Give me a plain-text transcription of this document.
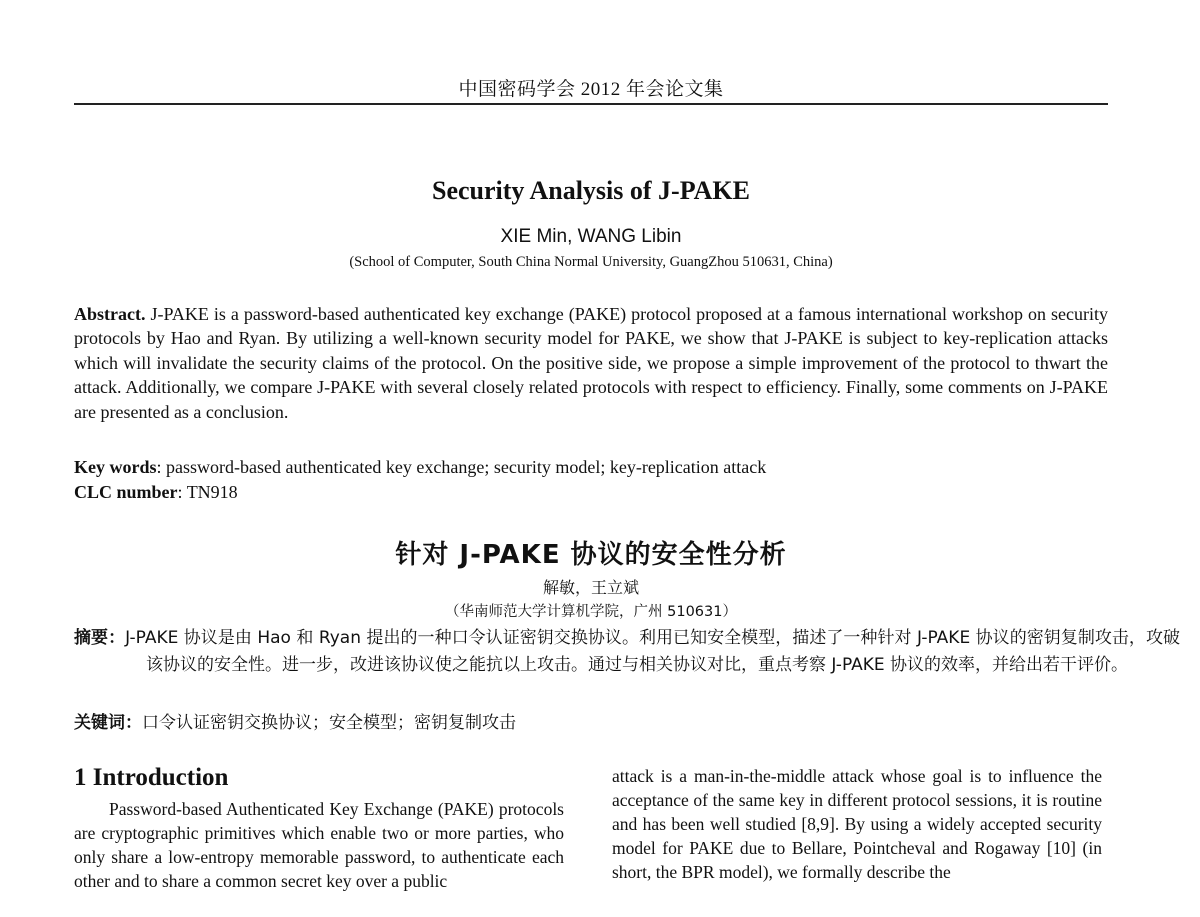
中国密码学会 2012 年会论文集
Security Analysis of J-PAKE
XIE Min, WANG Libin
(School of Computer, South China Normal University, GuangZhou 510631, China)

Abstract. J-PAKE is a password-based authenticated key exchange (PAKE) protocol proposed at a famous international workshop on security protocols by Hao and Ryan. By utilizing a well-known security model for PAKE, we show that J-PAKE is subject to key-replication attacks which will invalidate the security claims of the protocol. On the positive side, we propose a simple improvement of the protocol to thwart the attack. Additionally, we compare J-PAKE with several closely related protocols with respect to efficiency. Finally, some comments on J-PAKE are presented as a conclusion.

Key words: password-based authenticated key exchange; security model; key-replication attack

CLC number: TN918

针对 J-PAKE 协议的安全性分析
解敏，王立斌
（华南师范大学计算机学院，广州 510631）

摘要：J-PAKE 协议是由 Hao 和 Ryan 提出的一种口令认证密钥交换协议。利用已知安全模型，描述了一种针对 J-PAKE 协议的密钥复制攻击，攻破该协议的安全性。进一步，改进该协议使之能抗以上攻击。通过与相关协议对比，重点考察 J-PAKE 协议的效率，并给出若干评价。

关键词：口令认证密钥交换协议；安全模型；密钥复制攻击

1 Introduction

Password-based Authenticated Key Exchange (PAKE) protocols are cryptographic primitives which enable two or more parties, who only share a low-entropy memorable password, to authenticate each other and to share a common secret key over a public

attack is a man-in-the-middle attack whose goal is to influence the acceptance of the same key in different protocol sessions, it is routine and has been well studied [8,9]. By using a widely accepted security model for PAKE due to Bellare, Pointcheval and Rogaway [10] (in short, the BPR model), we formally describe the
